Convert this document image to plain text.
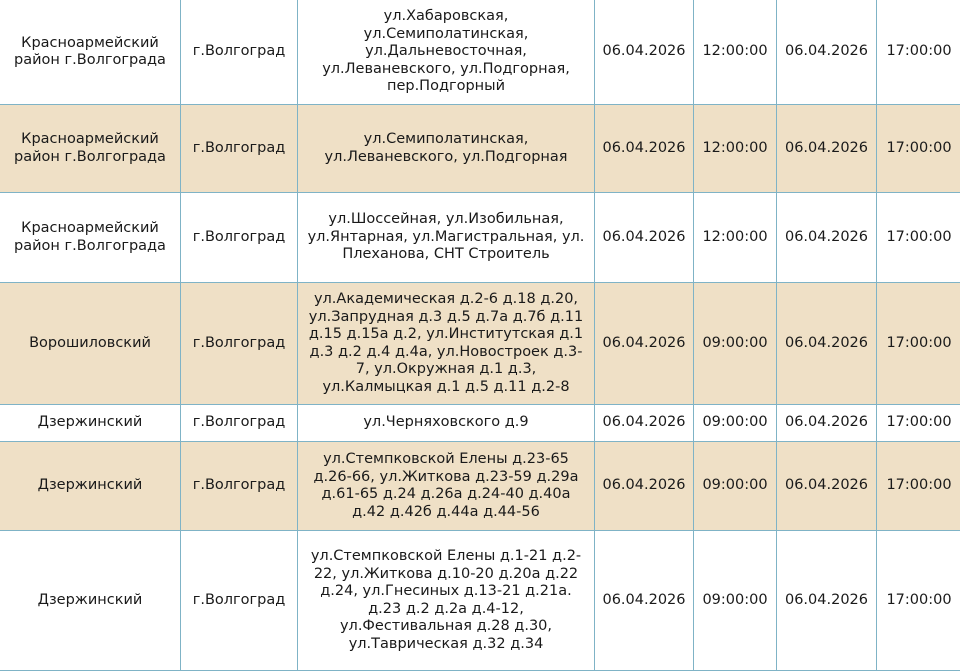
Красноармейский район г.Волгограда	г.Волгоград	ул.Хабаровская, ул.Семиполатинская, ул.Дальневосточная, ул.Леваневского, ул.Подгорная, пер.Подгорный	06.04.2026	12:00:00	06.04.2026	17:00:00
Красноармейский район г.Волгограда	г.Волгоград	ул.Семиполатинская, ул.Леваневского, ул.Подгорная	06.04.2026	12:00:00	06.04.2026	17:00:00
Красноармейский район г.Волгограда	г.Волгоград	ул.Шоссейная, ул.Изобильная, ул.Янтарная, ул.Магистральная, ул. Плеханова, СНТ Строитель	06.04.2026	12:00:00	06.04.2026	17:00:00
Ворошиловский	г.Волгоград	ул.Академическая д.2-6 д.18 д.20, ул.Запрудная д.3 д.5 д.7а д.7б д.11 д.15 д.15а д.2, ул.Институтская д.1 д.3 д.2 д.4 д.4а, ул.Новостроек д.3-7, ул.Окружная д.1 д.3, ул.Калмыцкая д.1 д.5 д.11 д.2-8	06.04.2026	09:00:00	06.04.2026	17:00:00
Дзержинский	г.Волгоград	ул.Черняховского д.9	06.04.2026	09:00:00	06.04.2026	17:00:00
Дзержинский	г.Волгоград	ул.Стемпковской Елены д.23-65 д.26-66, ул.Житкова д.23-59 д.29а д.61-65 д.24 д.26а д.24-40 д.40а д.42 д.42б д.44а д.44-56	06.04.2026	09:00:00	06.04.2026	17:00:00
Дзержинский	г.Волгоград	ул.Стемпковской Елены д.1-21 д.2-22, ул.Житкова д.10-20 д.20а д.22 д.24, ул.Гнесиных д.13-21 д.21а. д.23 д.2 д.2а д.4-12, ул.Фестивальная д.28 д.30, ул.Таврическая д.32 д.34	06.04.2026	09:00:00	06.04.2026	17:00:00
